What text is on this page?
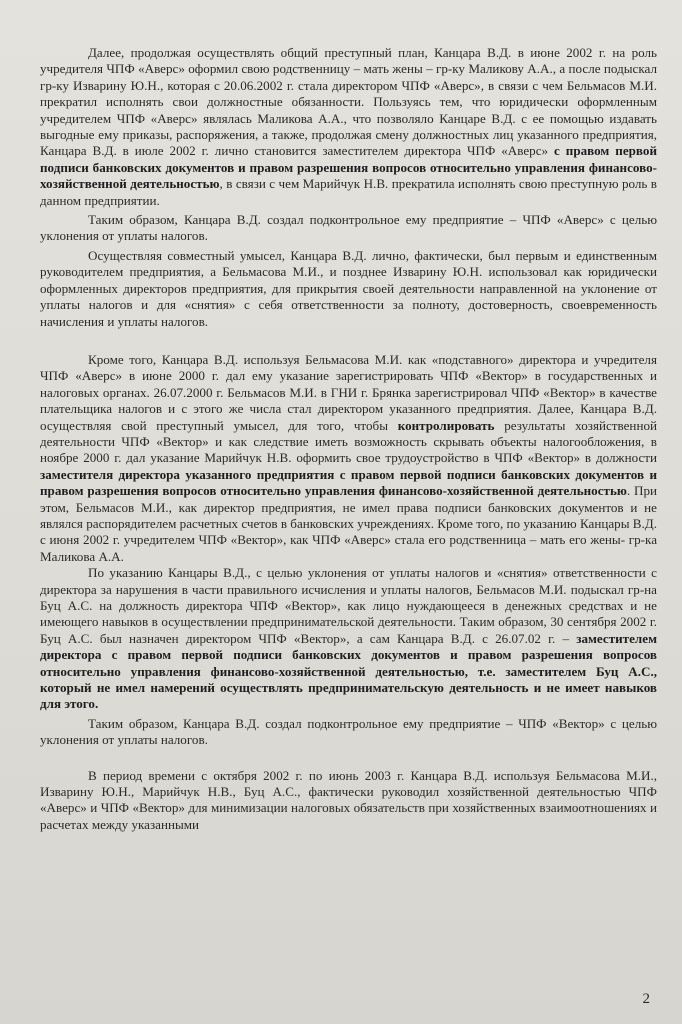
Далее, продолжая осуществлять общий преступный план, Канцара В.Д. в июне 2002 г. на роль учредителя ЧПФ «Аверс» оформил свою родственницу – мать жены – гр-ку Маликову А.А., а после подыскал гр-ку Изварину Ю.Н., которая с 20.06.2002 г. стала директором ЧПФ «Аверс», в связи с чем Бельмасов М.И. прекратил исполнять свои должностные обязанности. Пользуясь тем, что юридически оформленным учредителем ЧПФ «Аверс» являлась Маликова А.А., что позволяло Канцаре В.Д. с ее помощью издавать выгодные ему приказы, распоряжения, а также, продолжая смену должностных лиц указанного предприятия, Канцара В.Д. в июле 2002 г. лично становится заместителем директора ЧПФ «Аверс» с правом первой подписи банковских документов и правом разрешения вопросов относительно управления финансово-хозяйственной деятельностью, в связи с чем Марийчук Н.В. прекратила исполнять свою преступную роль в данном предприятии.

Таким образом, Канцара В.Д. создал подконтрольное ему предприятие – ЧПФ «Аверс» с целью уклонения от уплаты налогов.

Осуществляя совместный умысел, Канцара В.Д. лично, фактически, был первым и единственным руководителем предприятия, а Бельмасова М.И., и позднее Изварину Ю.Н. использовал как юридически оформленных директоров предприятия, для прикрытия своей деятельности направленной на уклонение от уплаты налогов и для «снятия» с себя ответственности за полноту, достоверность, своевременность начисления и уплаты налогов.

Кроме того, Канцара В.Д. используя Бельмасова М.И. как «подставного» директора и учредителя ЧПФ «Аверс» в июне 2000 г. дал ему указание зарегистрировать ЧПФ «Вектор» в государственных и налоговых органах. 26.07.2000 г. Бельмасов М.И. в ГНИ г. Брянка зарегистрировал ЧПФ «Вектор» в качестве плательщика налогов и с этого же числа стал директором указанного предприятия. Далее, Канцара В.Д. осуществляя свой преступный умысел, для того, чтобы контролировать результаты хозяйственной деятельности ЧПФ «Вектор» и как следствие иметь возможность скрывать объекты налогообложения, в ноябре 2000 г. дал указание Марийчук Н.В. оформить свое трудоустройство в ЧПФ «Вектор» в должности заместителя директора указанного предприятия с правом первой подписи банковских документов и правом разрешения вопросов относительно управления финансово-хозяйственной деятельностью. При этом, Бельмасов М.И., как директор предприятия, не имел права подписи банковских документов и не являлся распорядителем расчетных счетов в банковских учреждениях. Кроме того, по указанию Канцары В.Д. с июня 2002 г. учредителем ЧПФ «Вектор», как ЧПФ «Аверс» стала его родственница – мать его жены- гр-ка Маликова А.А.

По указанию Канцары В.Д., с целью уклонения от уплаты налогов и «снятия» ответственности с директора за нарушения в части правильного исчисления и уплаты налогов, Бельмасов М.И. подыскал гр-на Буц А.С. на должность директора ЧПФ «Вектор», как лицо нуждающееся в денежных средствах и не имеющего навыков в осуществлении предпринимательской деятельности. Таким образом, 30 сентября 2002 г. Буц А.С. был назначен директором ЧПФ «Вектор», а сам Канцара В.Д. с 26.07.02 г. – заместителем директора с правом первой подписи банковских документов и правом разрешения вопросов относительно управления финансово-хозяйственной деятельностью, т.е. заместителем Буц А.С., который не имел намерений осуществлять предпринимательскую деятельность и не имеет навыков для этого.

Таким образом, Канцара В.Д. создал подконтрольное ему предприятие – ЧПФ «Вектор» с целью уклонения от уплаты налогов.

В период времени с октября 2002 г. по июнь 2003 г. Канцара В.Д. используя Бельмасова М.И., Изварину Ю.Н., Марийчук Н.В., Буц А.С., фактически руководил хозяйственной деятельностью ЧПФ «Аверс» и ЧПФ «Вектор» для минимизации налоговых обязательств при хозяйственных взаимоотношениях и расчетах между указанными

2
